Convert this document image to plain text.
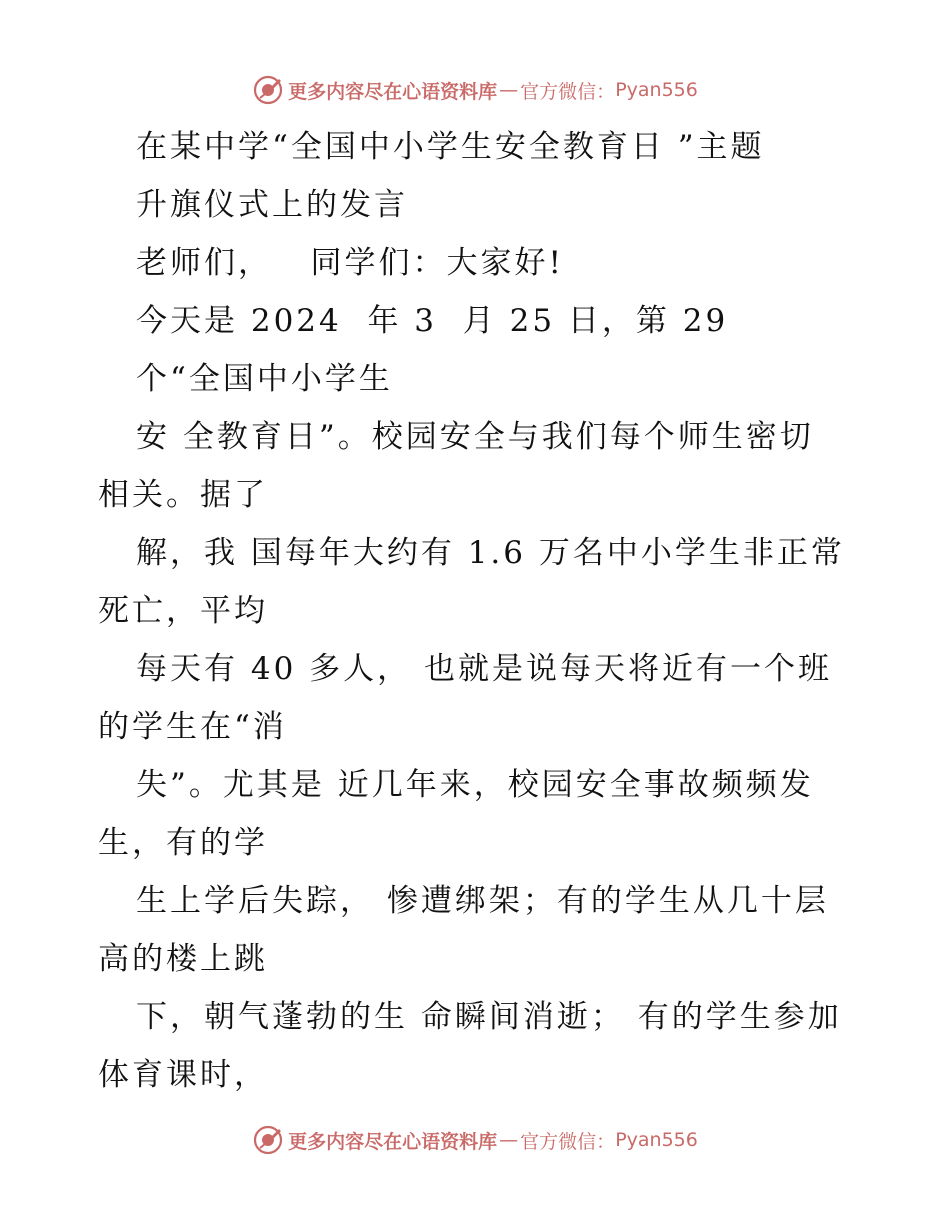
更多内容尽在心语资料库 — 官方微信： Pyan556
在某中学“全国中小学生安全教育日 ”主题
升旗仪式上的发言
老师们，   同学们：大家好!
今天是 2024  年 3  月 25 日，第 29
个“全国中小学生
安 全教育日”。校园安全与我们每个师生密切
相关。据了
解，我 国每年大约有 1.6 万名中小学生非正常
死亡，平均
每天有 40 多人， 也就是说每天将近有一个班
的学生在“消
失”。尤其是 近几年来，校园安全事故频频发
生，有的学
生上学后失踪， 惨遭绑架；有的学生从几十层
高的楼上跳
下，朝气蓬勃的生 命瞬间消逝； 有的学生参加
体育课时，
更多内容尽在心语资料库 — 官方微信： Pyan556
